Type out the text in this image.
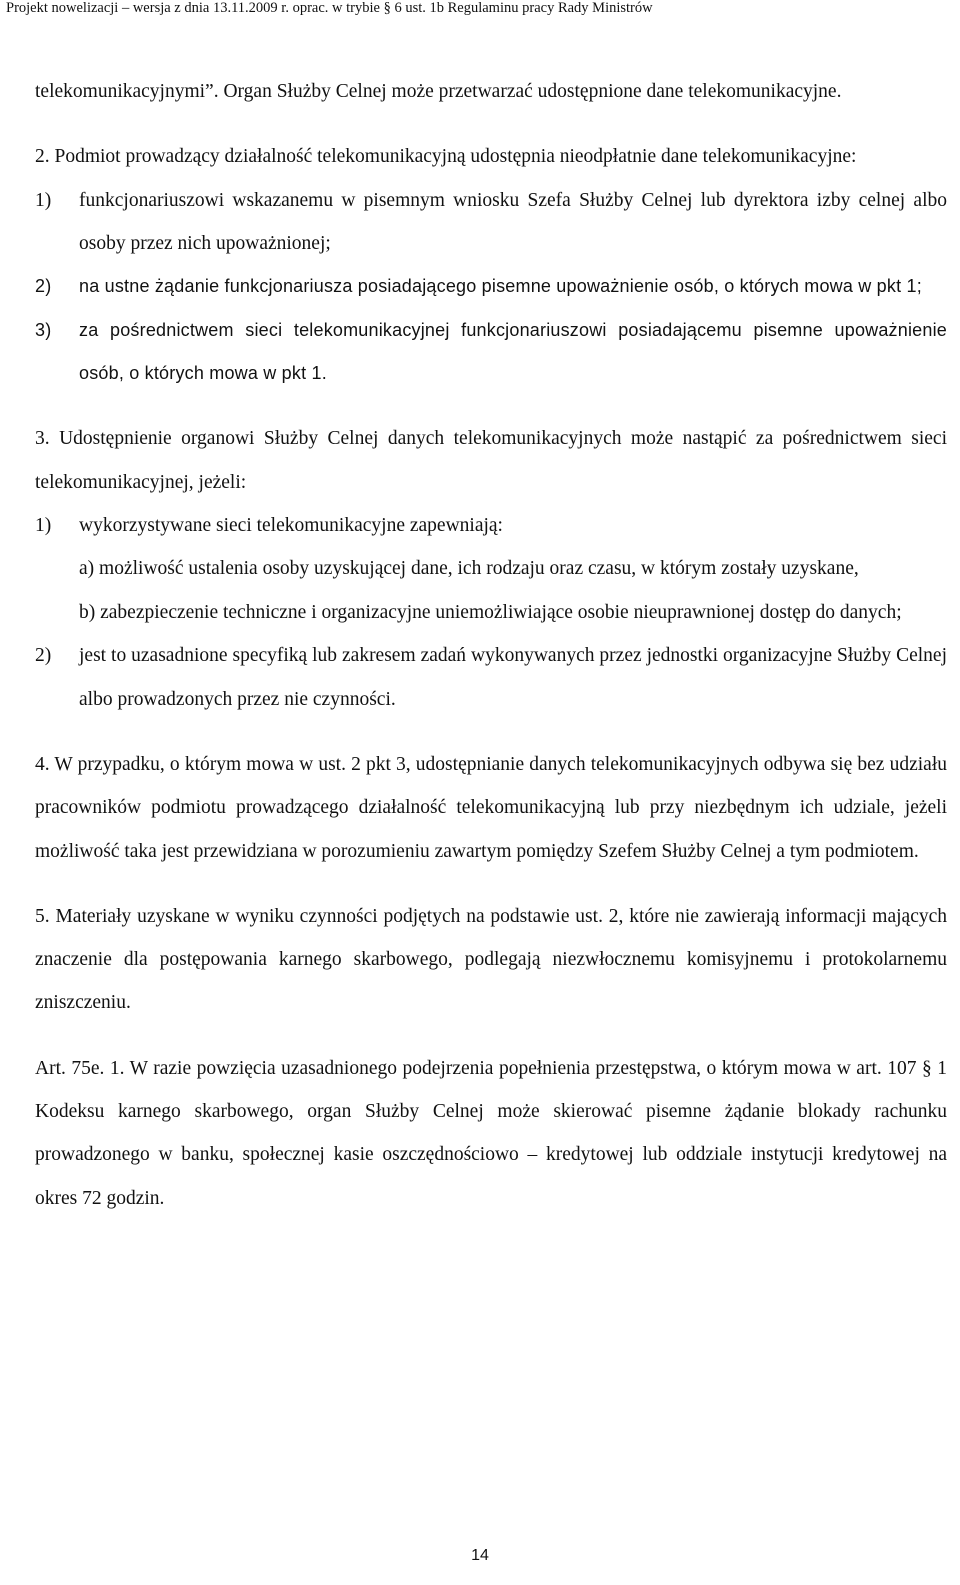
Projekt nowelizacji – wersja z dnia 13.11.2009 r. oprac. w trybie § 6 ust. 1b Regulaminu pracy Rady Ministrów

telekomunikacyjnymi”. Organ Służby Celnej może przetwarzać udostępnione dane telekomunikacyjne.

2. Podmiot prowadzący działalność telekomunikacyjną udostępnia nieodpłatnie dane telekomunikacyjne:

1) funkcjonariuszowi wskazanemu w pisemnym wniosku Szefa Służby Celnej lub dyrektora izby celnej albo osoby przez nich upoważnionej;
2) na ustne żądanie funkcjonariusza posiadającego pisemne upoważnienie osób, o których mowa w pkt 1;
3) za pośrednictwem sieci telekomunikacyjnej funkcjonariuszowi posiadającemu pisemne upoważnienie osób, o których mowa w pkt 1.

3. Udostępnienie organowi Służby Celnej danych telekomunikacyjnych może nastąpić za pośrednictwem sieci telekomunikacyjnej, jeżeli:

1) wykorzystywane sieci telekomunikacyjne zapewniają:
a) możliwość ustalenia osoby uzyskującej dane, ich rodzaju oraz czasu, w którym zostały uzyskane,
b) zabezpieczenie techniczne i organizacyjne uniemożliwiające osobie nieuprawnionej dostęp do danych;
2) jest to uzasadnione specyfiką lub zakresem zadań wykonywanych przez jednostki organizacyjne Służby Celnej albo prowadzonych przez nie czynności.

4. W przypadku, o którym mowa w ust. 2 pkt 3, udostępnianie danych telekomunikacyjnych odbywa się bez udziału pracowników podmiotu prowadzącego działalność telekomunikacyjną lub przy niezbędnym ich udziale, jeżeli możliwość taka jest przewidziana w porozumieniu zawartym pomiędzy Szefem Służby Celnej a tym podmiotem.

5. Materiały uzyskane w wyniku czynności podjętych na podstawie ust. 2, które nie zawierają informacji mających znaczenie dla postępowania karnego skarbowego, podlegają niezwłocznemu komisyjnemu i protokolarnemu zniszczeniu.

Art. 75e. 1. W razie powzięcia uzasadnionego podejrzenia popełnienia przestępstwa, o którym mowa w art. 107 § 1 Kodeksu karnego skarbowego, organ Służby Celnej może skierować pisemne żądanie blokady rachunku prowadzonego w banku, społecznej kasie oszczędnościowo – kredytowej lub oddziale instytucji kredytowej na okres 72 godzin.

14
